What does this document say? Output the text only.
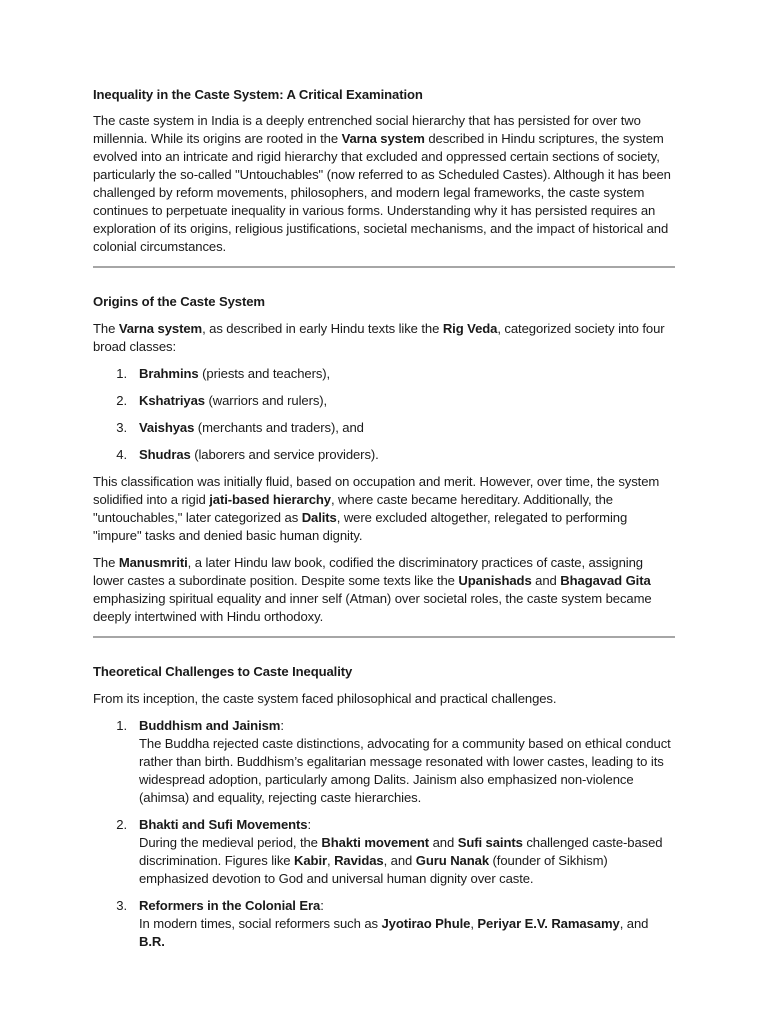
Inequality in the Caste System: A Critical Examination

The caste system in India is a deeply entrenched social hierarchy that has persisted for over two millennia. While its origins are rooted in the Varna system described in Hindu scriptures, the system evolved into an intricate and rigid hierarchy that excluded and oppressed certain sections of society, particularly the so-called "Untouchables" (now referred to as Scheduled Castes). Although it has been challenged by reform movements, philosophers, and modern legal frameworks, the caste system continues to perpetuate inequality in various forms. Understanding why it has persisted requires an exploration of its origins, religious justifications, societal mechanisms, and the impact of historical and colonial circumstances.

Origins of the Caste System

The Varna system, as described in early Hindu texts like the Rig Veda, categorized society into four broad classes:

1. Brahmins (priests and teachers),
2. Kshatriyas (warriors and rulers),
3. Vaishyas (merchants and traders), and
4. Shudras (laborers and service providers).

This classification was initially fluid, based on occupation and merit. However, over time, the system solidified into a rigid jati-based hierarchy, where caste became hereditary. Additionally, the "untouchables," later categorized as Dalits, were excluded altogether, relegated to performing "impure" tasks and denied basic human dignity.

The Manusmriti, a later Hindu law book, codified the discriminatory practices of caste, assigning lower castes a subordinate position. Despite some texts like the Upanishads and Bhagavad Gita emphasizing spiritual equality and inner self (Atman) over societal roles, the caste system became deeply intertwined with Hindu orthodoxy.

Theoretical Challenges to Caste Inequality

From its inception, the caste system faced philosophical and practical challenges.

1. Buddhism and Jainism:
The Buddha rejected caste distinctions, advocating for a community based on ethical conduct rather than birth. Buddhism’s egalitarian message resonated with lower castes, leading to its widespread adoption, particularly among Dalits. Jainism also emphasized non-violence (ahimsa) and equality, rejecting caste hierarchies.
2. Bhakti and Sufi Movements:
During the medieval period, the Bhakti movement and Sufi saints challenged caste-based discrimination. Figures like Kabir, Ravidas, and Guru Nanak (founder of Sikhism) emphasized devotion to God and universal human dignity over caste.
3. Reformers in the Colonial Era:
In modern times, social reformers such as Jyotirao Phule, Periyar E.V. Ramasamy, and B.R.
